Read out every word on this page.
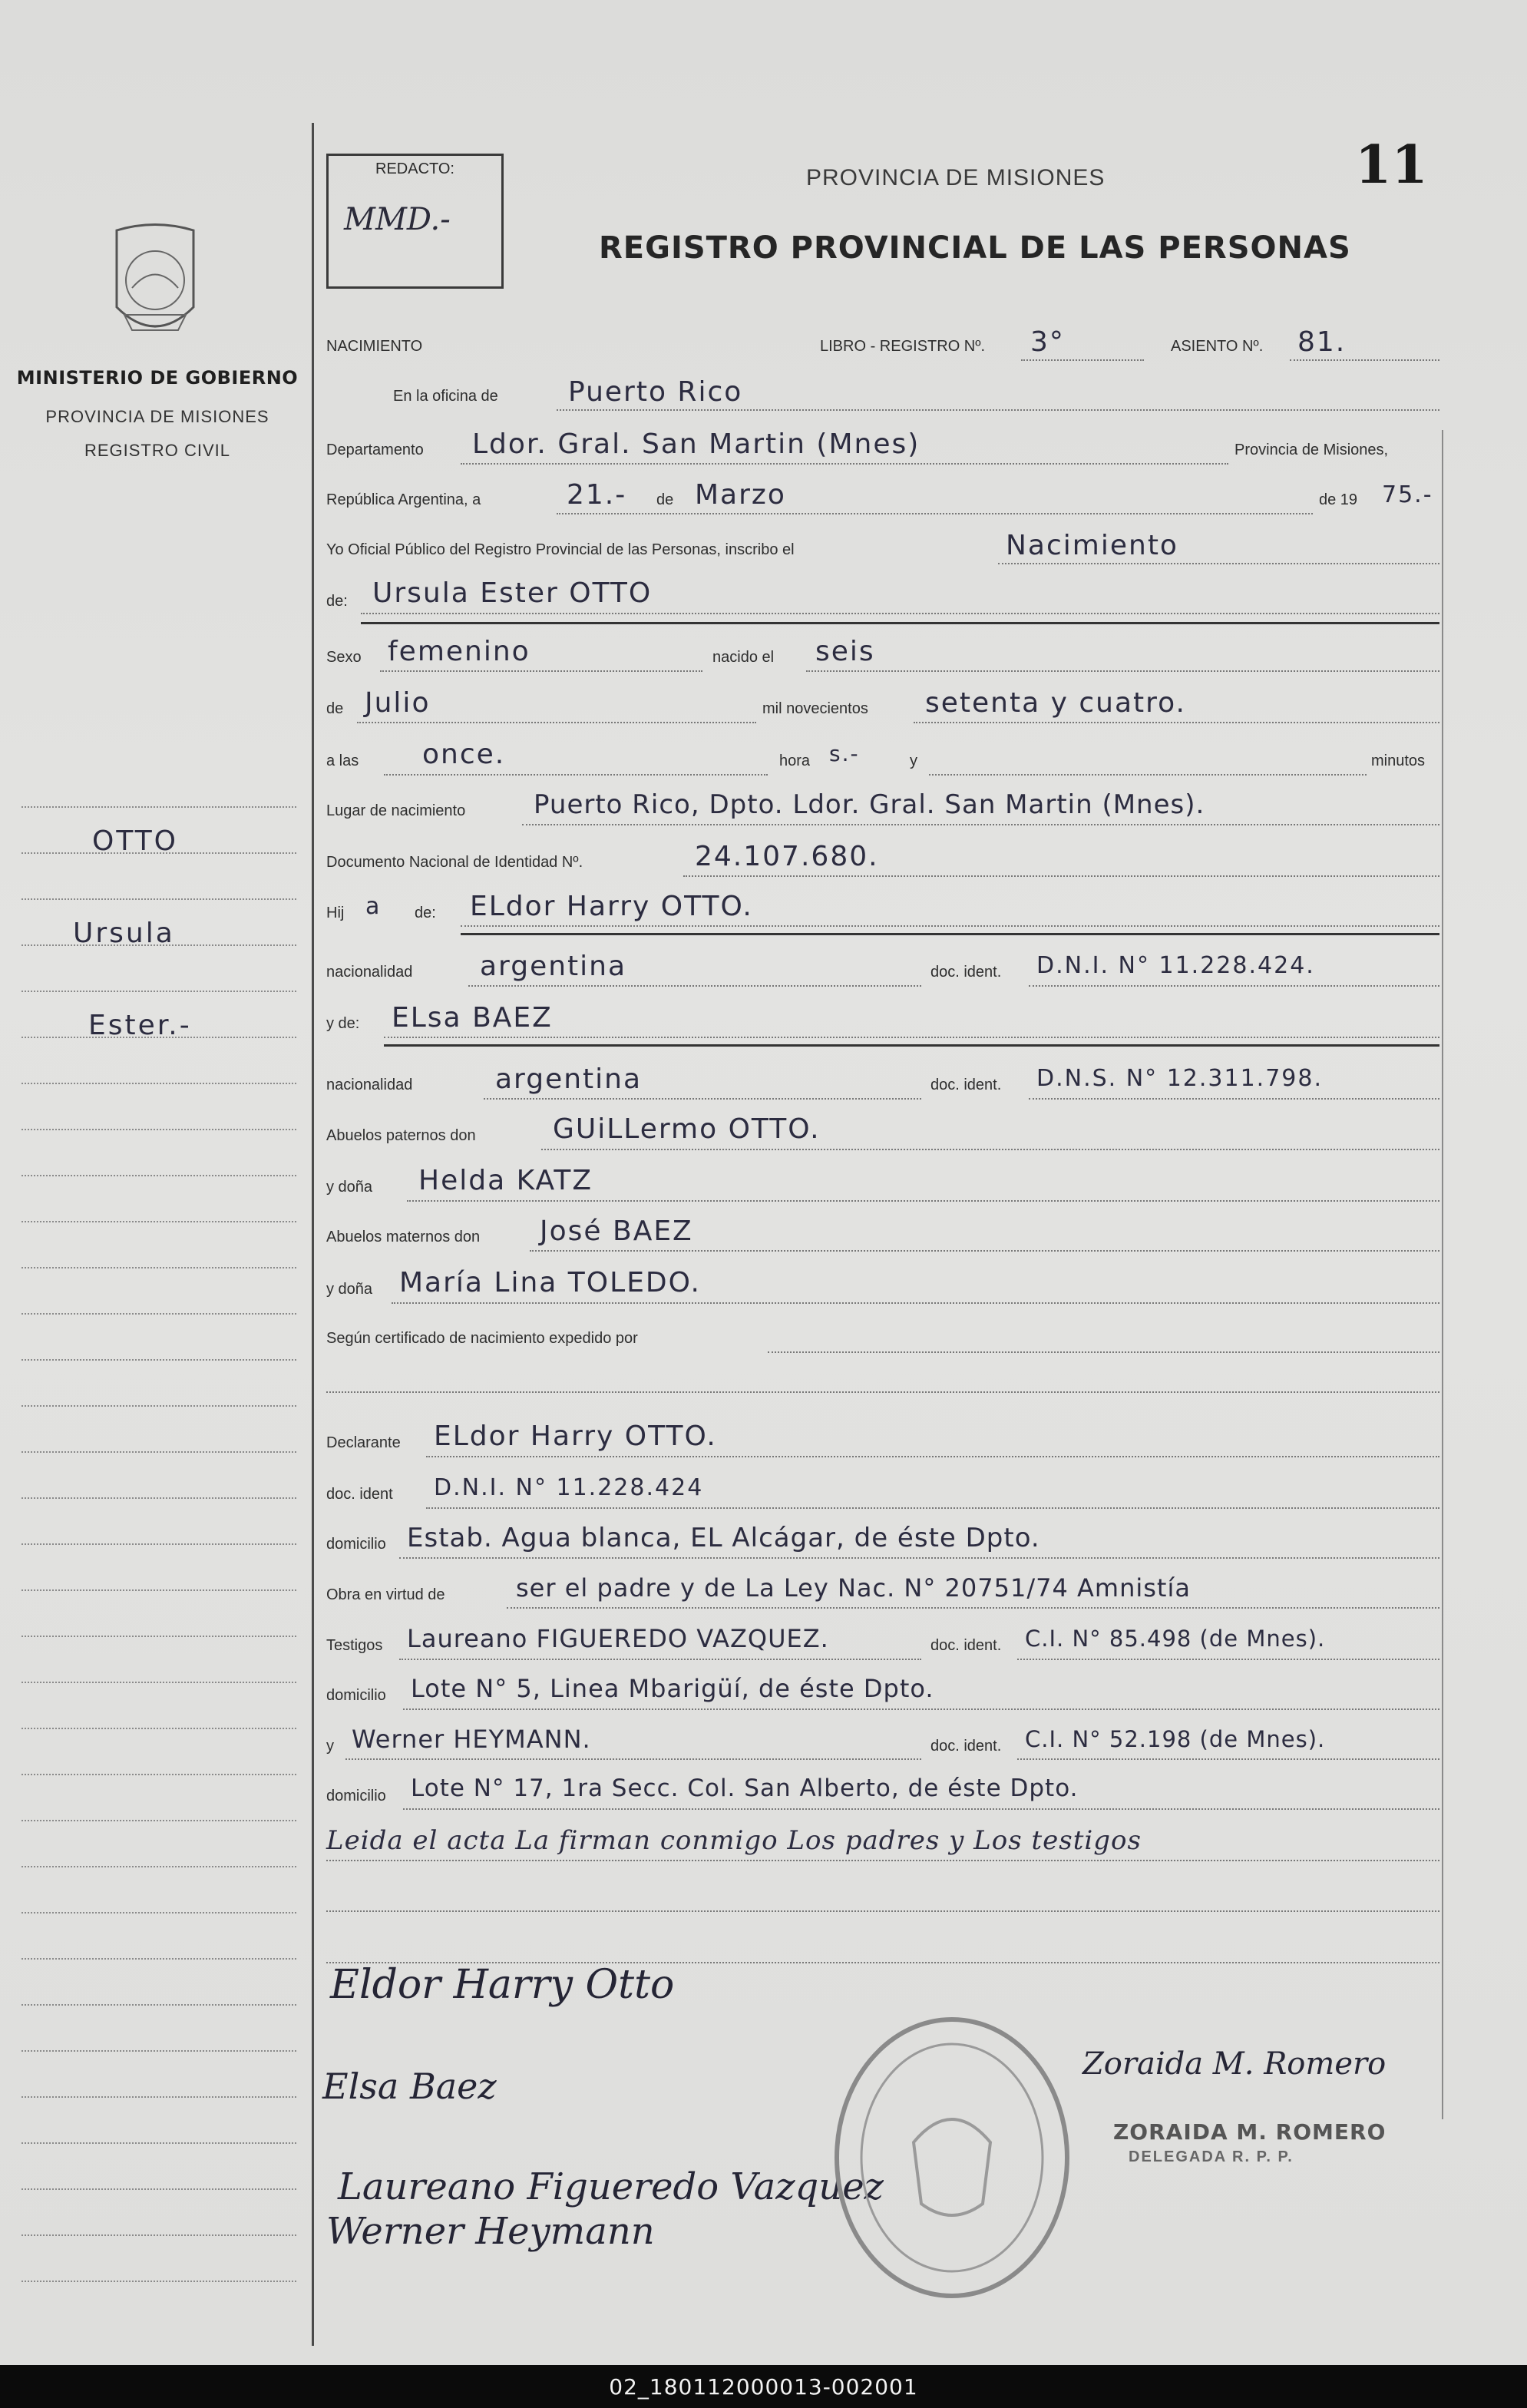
MINISTERIO DE GOBIERNO
PROVINCIA DE MISIONES
REGISTRO CIVIL
OTTO
Ursula
Ester.-
REDACTO:
MMD.-
PROVINCIA DE MISIONES
REGISTRO PROVINCIAL DE LAS PERSONAS
11
NACIMIENTO	LIBRO - REGISTRO Nº. 3°	ASIENTO Nº. 81.
En la oficina de	Puerto Rico
Departamento Ldor. Gral. San Martin (Mnes)	Provincia de Misiones,
República Argentina, a	21.- de Marzo	de 19 75.-
Yo Oficial Público del Registro Provincial de las Personas, inscribo el	Nacimiento
de: Ursula Ester OTTO
Sexo femenino	nacido el seis
de Julio	mil novecientos setenta y cuatro.
a las once.	hora s.-	y	minutos
Lugar de nacimiento	Puerto Rico, Dpto. Ldor. Gral. San Martin (Mnes).
Documento Nacional de Identidad Nº.	24.107.680.
Hij a de: ELdor Harry OTTO.
nacionalidad argentina	doc. ident. D.N.I. N° 11.228.424.
y de: ELsa BAEZ
nacionalidad	argentina	doc. ident. D.N.S. N° 12.311.798.
Abuelos paternos don	GUiLLermo OTTO.
y doña Helda KATZ
Abuelos maternos don José BAEZ
y doña María Lina TOLEDO.
Según certificado de nacimiento expedido por
Declarante ELdor Harry OTTO.
doc. ident D.N.I. N° 11.228.424
domicilio Estab. Agua blanca, EL Alcágar, de éste Dpto.
Obra en virtud de	ser el padre y de La Ley Nac. N° 20751/74 Amnistía
Testigos Laureano FIGUEREDO VAZQUEZ.	doc. ident. C.I. N° 85.498 (de Mnes).
domicilio Lote N° 5, Linea Mbarigüí, de éste Dpto.
y Werner HEYMANN.	doc. ident. C.I. N° 52.198 (de Mnes).
domicilio Lote N° 17, 1ra Secc. Col. San Alberto, de éste Dpto.
Leida el acta La firman conmigo Los padres y Los testigos
Eldor Harry Otto
Elsa Baez
Laureano Figueredo Vazquez
Werner Heymann
Zoraida M. Romero
ZORAIDA M. ROMERO
DELEGADA R. P. P.
02_180112000013-002001
